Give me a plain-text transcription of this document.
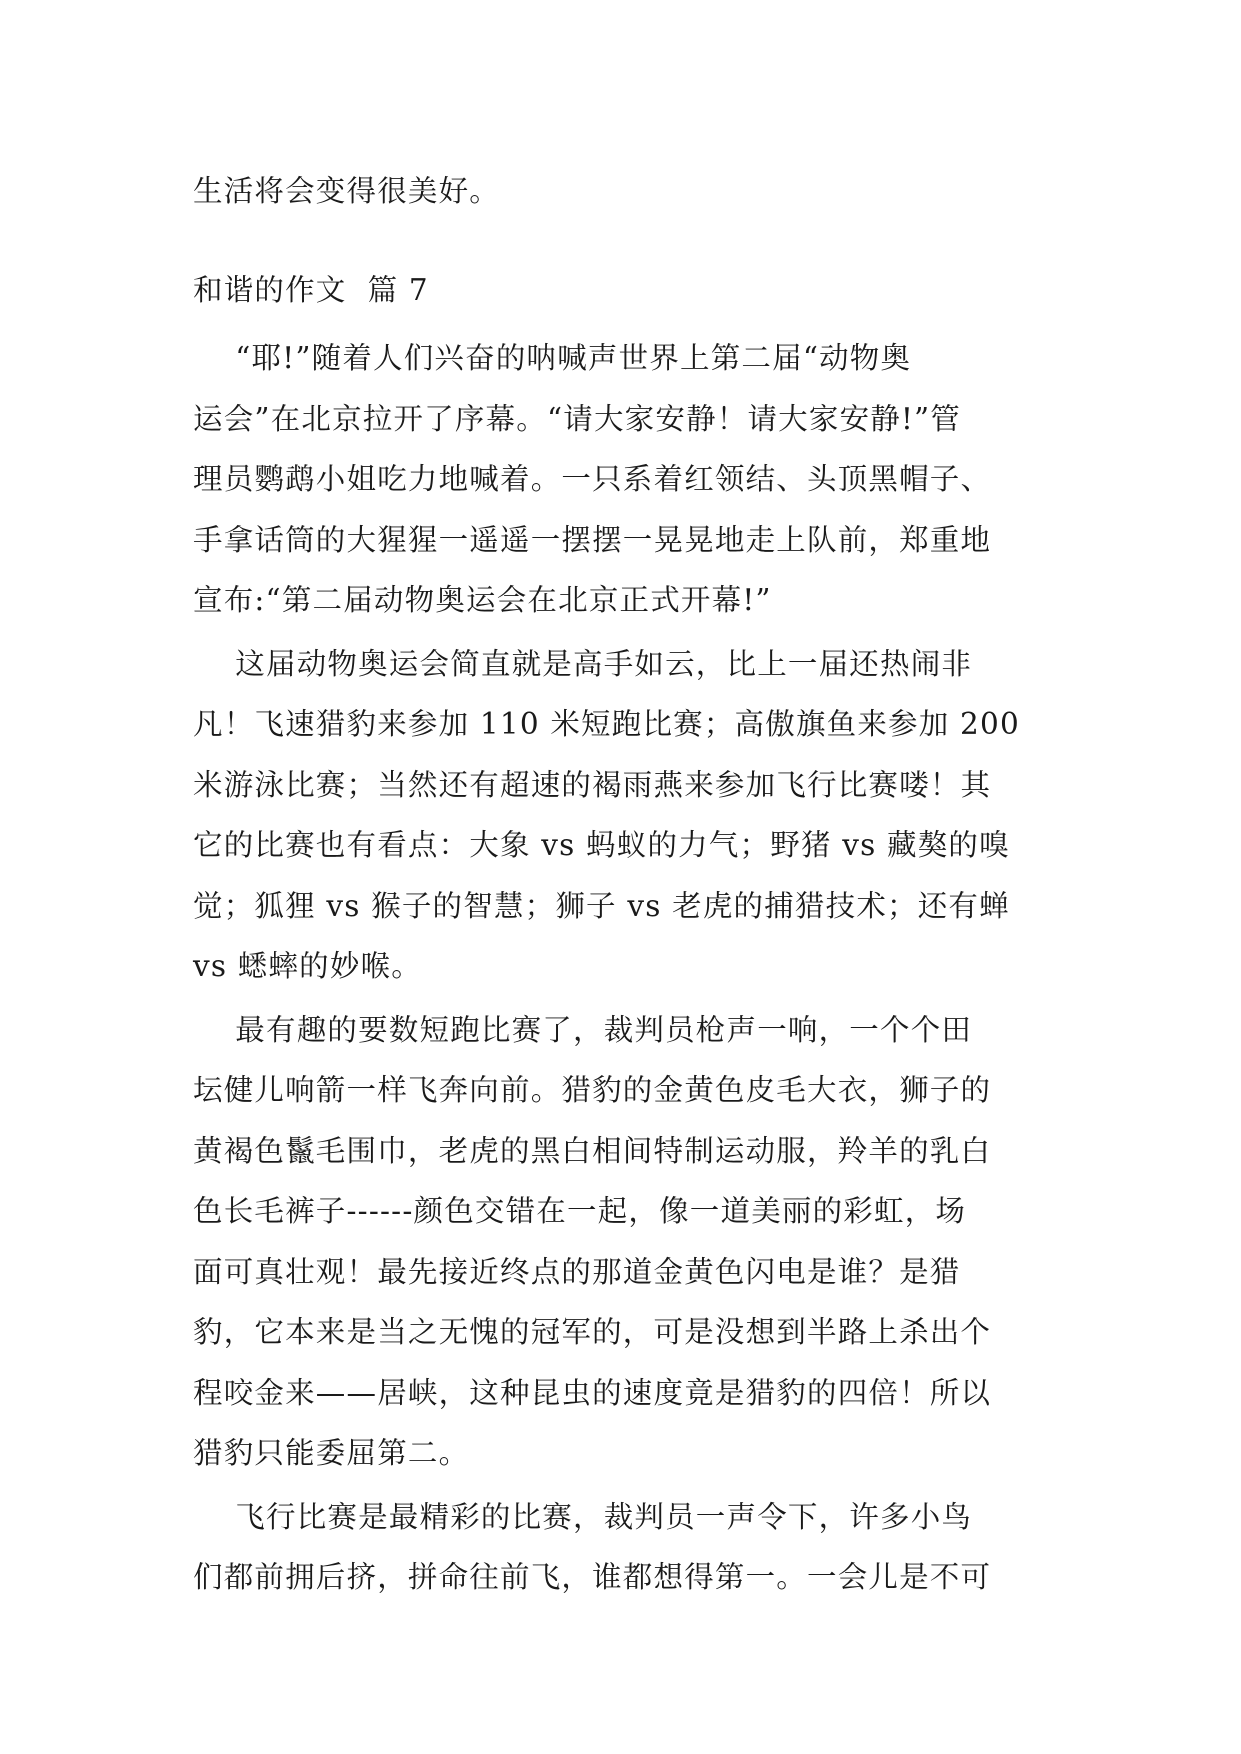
生活将会变得很美好。

和谐的作文  篇 7

“耶!”随着人们兴奋的呐喊声世界上第二届“动物奥
运会”在北京拉开了序幕。“请大家安静！请大家安静!”管
理员鹦鹉小姐吃力地喊着。一只系着红领结、头顶黑帽子、
手拿话筒的大猩猩一遥遥一摆摆一晃晃地走上队前，郑重地
宣布:“第二届动物奥运会在北京正式开幕!”

这届动物奥运会简直就是高手如云，比上一届还热闹非
凡！飞速猎豹来参加 110 米短跑比赛；高傲旗鱼来参加 200
米游泳比赛；当然还有超速的褐雨燕来参加飞行比赛喽！其
它的比赛也有看点：大象 vs 蚂蚁的力气；野猪 vs 藏獒的嗅
觉；狐狸 vs 猴子的智慧；狮子 vs 老虎的捕猎技术；还有蝉
vs 蟋蟀的妙喉。

最有趣的要数短跑比赛了，裁判员枪声一响，一个个田
坛健儿响箭一样飞奔向前。猎豹的金黄色皮毛大衣，狮子的
黄褐色鬣毛围巾，老虎的黑白相间特制运动服，羚羊的乳白
色长毛裤子------颜色交错在一起，像一道美丽的彩虹，场
面可真壮观！最先接近终点的那道金黄色闪电是谁？是猎
豹，它本来是当之无愧的冠军的，可是没想到半路上杀出个
程咬金来——居峡，这种昆虫的速度竟是猎豹的四倍！所以
猎豹只能委屈第二。

飞行比赛是最精彩的比赛，裁判员一声令下，许多小鸟
们都前拥后挤，拼命往前飞，谁都想得第一。一会儿是不可
